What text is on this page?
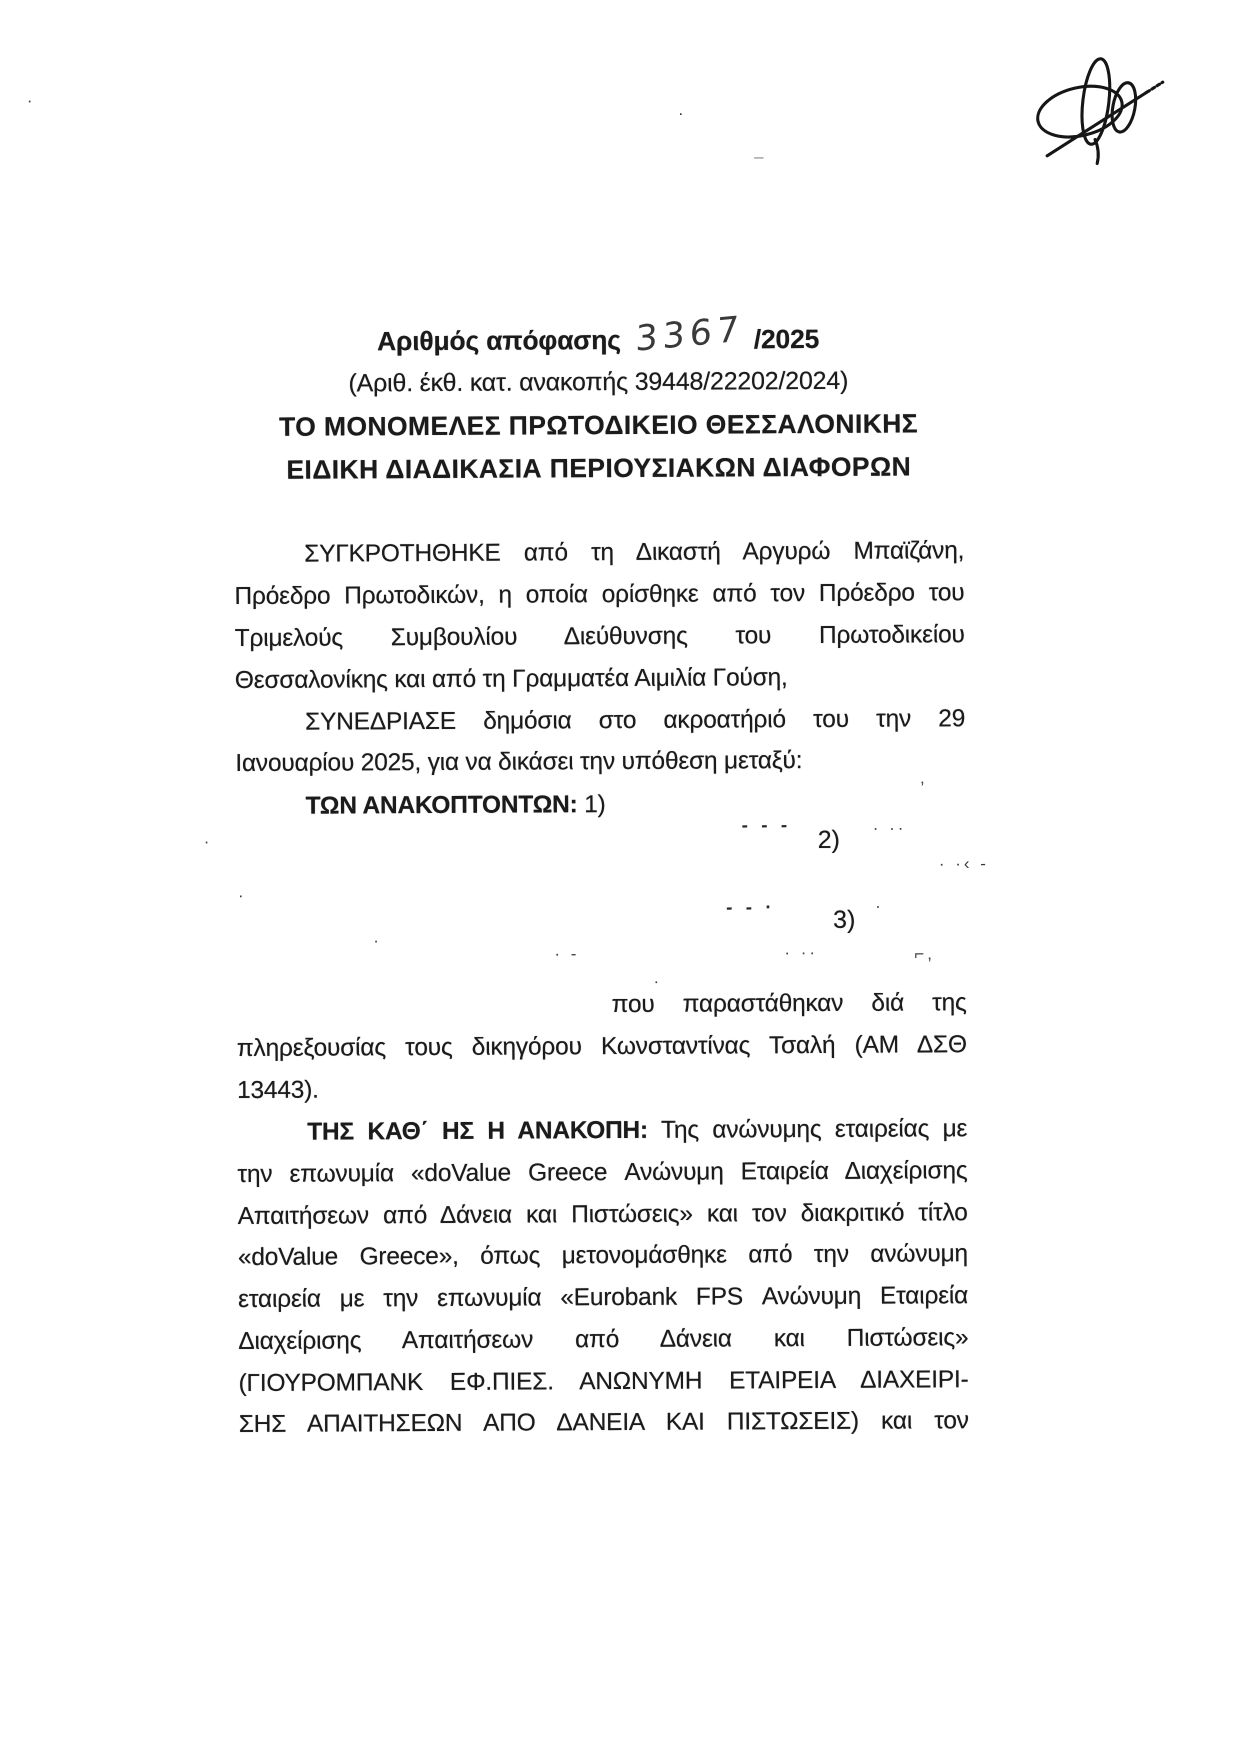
Αριθμός απόφασης 3367 /2025
(Αριθ. έκθ. κατ. ανακοπής 39448/22202/2024)
ΤΟ ΜΟΝΟΜΕΛΕΣ ΠΡΩΤΟΔΙΚΕΙΟ ΘΕΣΣΑΛΟΝΙΚΗΣ
ΕΙΔΙΚΗ ΔΙΑΔΙΚΑΣΙΑ ΠΕΡΙΟΥΣΙΑΚΩΝ ΔΙΑΦΟΡΩΝ
ΣΥΓΚΡΟΤΗΘΗΚΕ από τη Δικαστή Αργυρώ Μπαϊζάνη,
Πρόεδρο Πρωτοδικών, η οποία ορίσθηκε από τον Πρόεδρο του
Τριμελούς Συμβουλίου Διεύθυνσης του Πρωτοδικείου
Θεσσαλονίκης και από τη Γραμματέα Αιμιλία Γούση,
ΣΥΝΕΔΡΙΑΣΕ δημόσια στο ακροατήριό του την 29
Ιανουαρίου 2025, για να δικάσει την υπόθεση μεταξύ:
ΤΩΝ ΑΝΑΚΟΠΤΟΝΤΩΝ: 1)
2)
3)
που παραστάθηκαν διά της
πληρεξουσίας τους δικηγόρου Κωνσταντίνας Τσαλή (ΑΜ ΔΣΘ
13443).
ΤΗΣ ΚΑΘ΄ ΗΣ Η ΑΝΑΚΟΠΗ: Της ανώνυμης εταιρείας με
την επωνυμία «doValue Greece Ανώνυμη Εταιρεία Διαχείρισης
Απαιτήσεων από Δάνεια και Πιστώσεις» και τον διακριτικό τίτλο
«doValue Greece», όπως μετονομάσθηκε από την ανώνυμη
εταιρεία με την επωνυμία «Eurobank FPS Ανώνυμη Εταιρεία
Διαχείρισης Απαιτήσεων από Δάνεια και Πιστώσεις»
(ΓΙΟΥΡΟΜΠΑΝΚ ΕΦ.ΠΙΕΣ. ΑΝΩΝΥΜΗ ΕΤΑΙΡΕΙΑ ΔΙΑΧΕΙΡΙ-
ΣΗΣ ΑΠΑΙΤΗΣΕΩΝ ΑΠΟ ΔΑΝΕΙΑ ΚΑΙ ΠΙΣΤΩΣΕΙΣ) και τον
·
·
–
’
- - -	· ··
· ·‹ -
·
- - ·	·
· ··	⌐,
·
·
· -
·
